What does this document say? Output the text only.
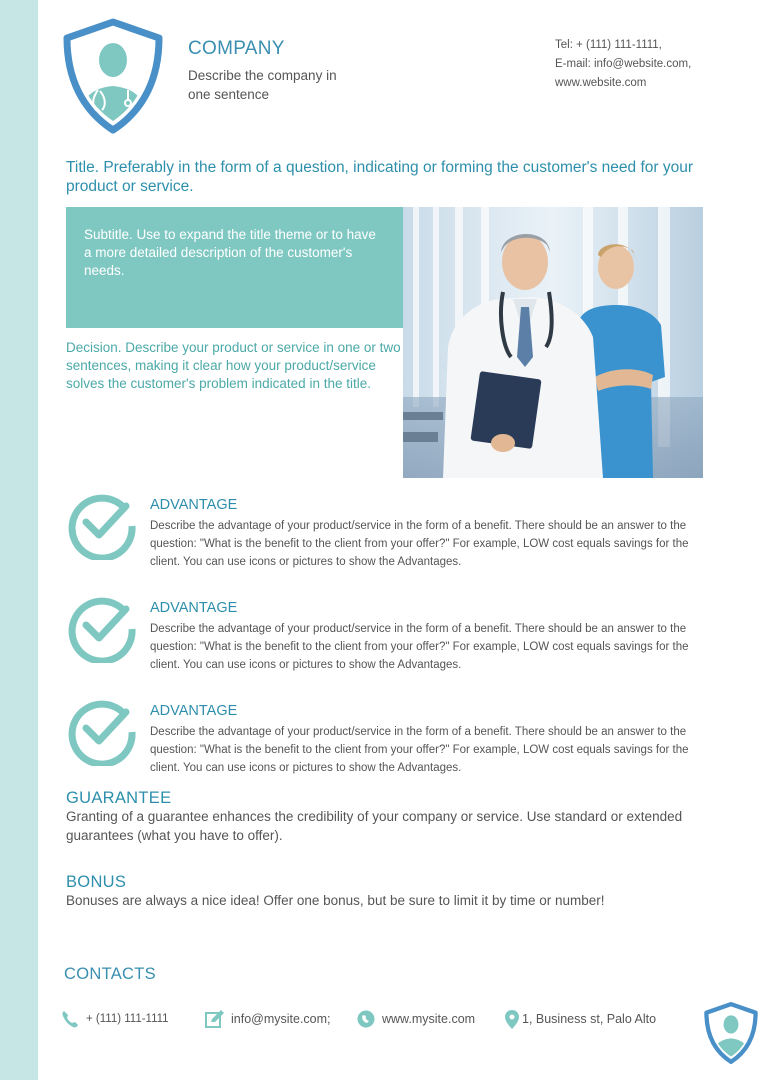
COMPANY
Describe the company in one sentence
Tel: + (111) 111-1111,
E-mail: info@website.com,
www.website.com
Title. Preferably in the form of a question, indicating or forming the customer's need for your product or service.
Subtitle. Use to expand the title theme or to have a more detailed description of the customer's needs.
Decision. Describe your product or service in one or two sentences, making it clear how your product/service solves the customer's problem indicated in the title.
ADVANTAGE
Describe the advantage of your product/service in the form of a benefit. There should be an answer to the question: "What is the benefit to the client from your offer?" For example, LOW cost equals savings for the client. You can use icons or pictures to show the Advantages.
ADVANTAGE
Describe the advantage of your product/service in the form of a benefit. There should be an answer to the question: "What is the benefit to the client from your offer?" For example, LOW cost equals savings for the client. You can use icons or pictures to show the Advantages.
ADVANTAGE
Describe the advantage of your product/service in the form of a benefit. There should be an answer to the question: "What is the benefit to the client from your offer?" For example, LOW cost equals savings for the client. You can use icons or pictures to show the Advantages.
GUARANTEE
Granting of a guarantee enhances the credibility of your company or service. Use standard or extended guarantees (what you have to offer).
BONUS
Bonuses are always a nice idea! Offer one bonus, but be sure to limit it by time or number!
CONTACTS
+ (111) 111-1111	info@mysite.com;	www.mysite.com	1, Business st, Palo Alto
